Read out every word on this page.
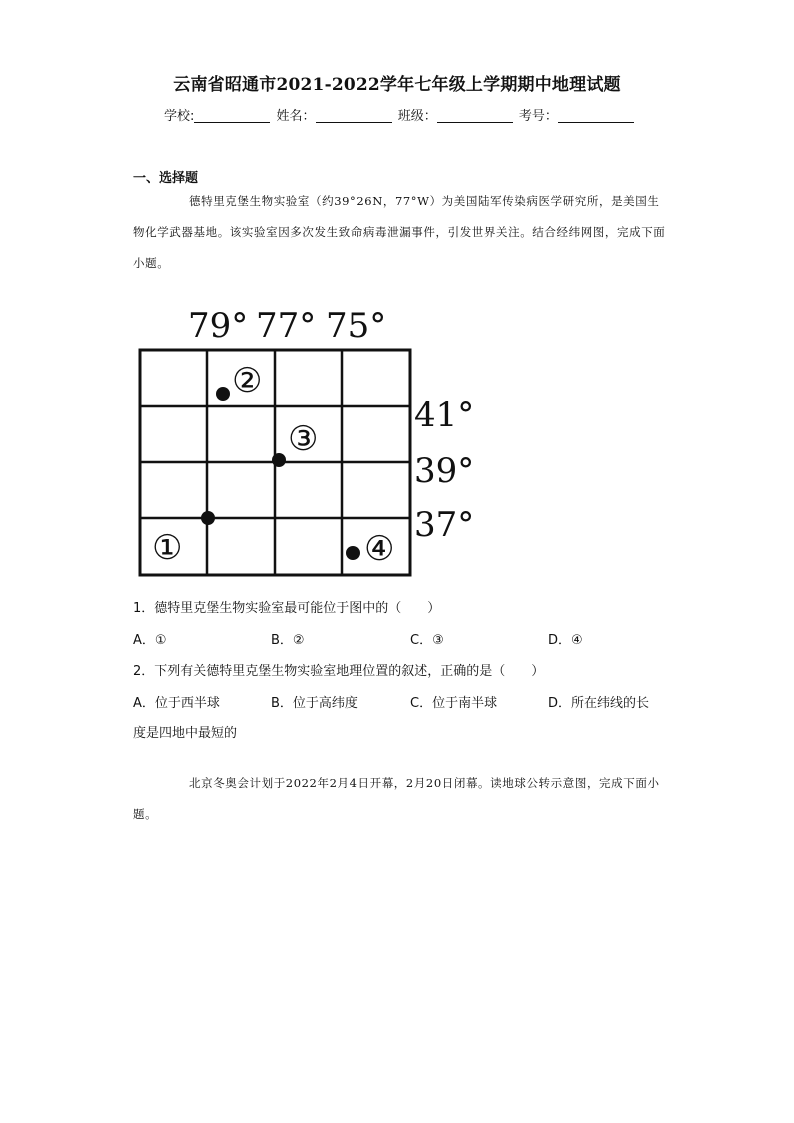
云南省昭通市2021-2022学年七年级上学期期中地理试题
学校:	姓名：	班级：	考号：
一、选择题
德特里克堡生物实验室（约39°26N，77°W）为美国陆军传染病医学研究所，是美国生物化学武器基地。该实验室因多次发生致命病毒泄漏事件，引发世界关注。结合经纬网图，完成下面小题。
79° 77° 75°
41°
39°
37°
①
②
③
④
1．德特里克堡生物实验室最可能位于图中的（　　）
A．①	B．②	C．③	D．④
2．下列有关德特里克堡生物实验室地理位置的叙述，正确的是（　　）
A．位于西半球	B．位于高纬度	C．位于南半球	D．所在纬线的长
度是四地中最短的
北京冬奥会计划于2022年2月4日开幕，2月20日闭幕。读地球公转示意图，完成下面小题。
